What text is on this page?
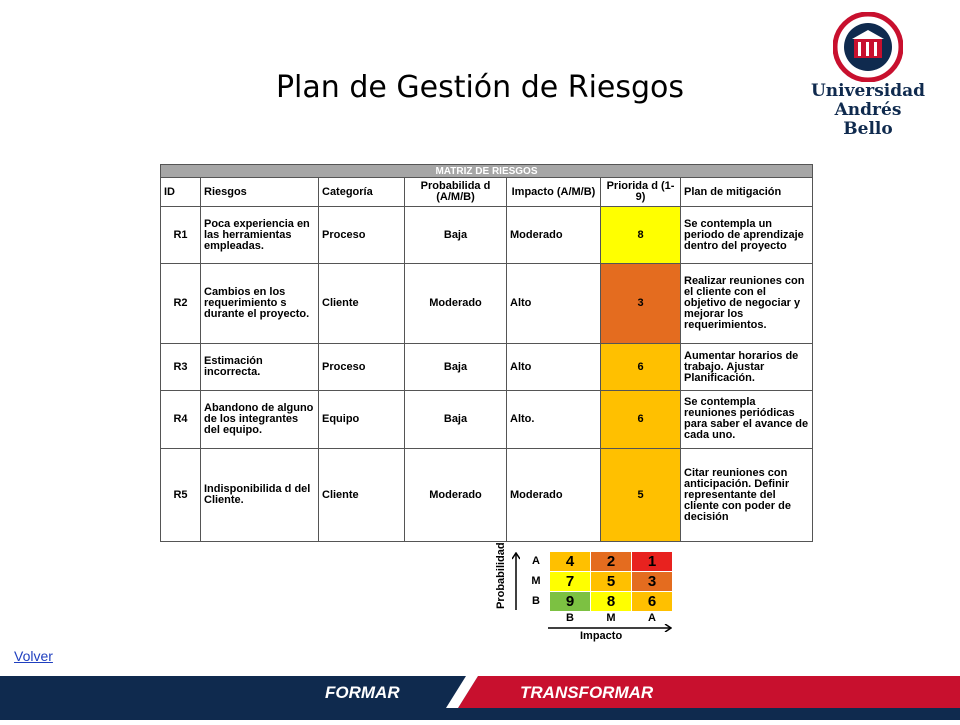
Plan de Gestión de Riesgos	Universidad
Andrés Bello
MATRIZ DE RIESGOS						
ID	Riesgos	Categoría	Probabilida d (A/M/B)	Impacto (A/M/B)	Priorida d (1-9)	Plan de mitigación
R1	Poca experiencia en las herramientas empleadas.	Proceso	Baja	Moderado	8	Se contempla un periodo de aprendizaje dentro del proyecto
R2	Cambios en los requerimiento s durante el proyecto.	Cliente	Moderado	Alto	3	Realizar reuniones con el cliente con el objetivo de negociar y mejorar los requerimientos.
R3	Estimación incorrecta.	Proceso	Baja	Alto	6	Aumentar horarios de trabajo. Ajustar Planificación.
R4	Abandono de alguno de los integrantes del equipo.	Equipo	Baja	Alto.	6	Se contempla reuniones periódicas para saber el avance de cada uno.
R5	Indisponibilida d del Cliente.	Cliente	Moderado	Moderado	5	Citar reuniones con anticipación. Definir representante del cliente con poder de decisión
Probabilidad A
M
B
4	2	1
7	5	3
9	8	6
B	M	A
Impacto
Volver
FORMAR	TRANSFORMAR
